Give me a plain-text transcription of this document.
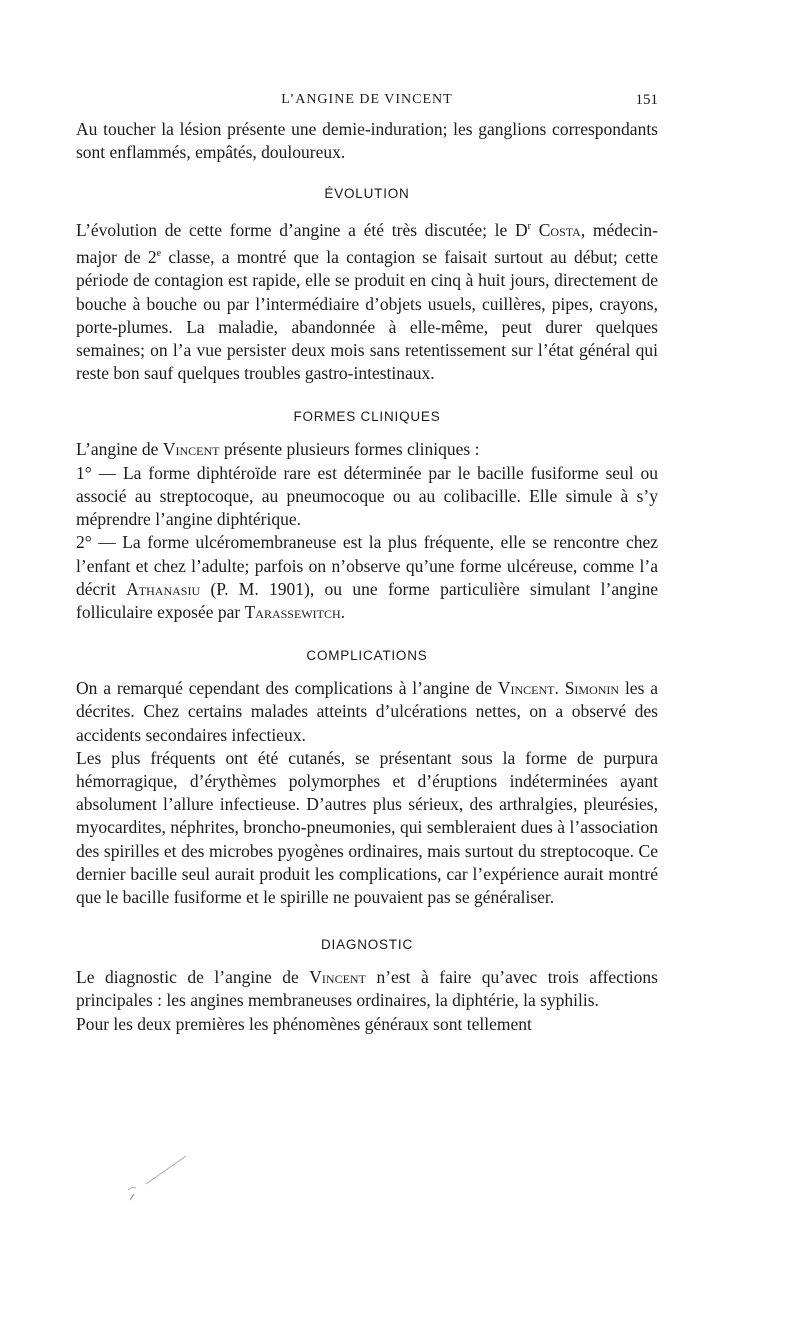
L’ANGINE DE VINCENT	151

Au toucher la lésion présente une demie-induration; les ganglions correspondants sont enflammés, empâtés, douloureux.

ÉVOLUTION

L’évolution de cette forme d’angine a été très discutée; le $D^r$ Costa, médecin-major de 2e classe, a montré que la contagion se faisait surtout au début; cette période de contagion est rapide, elle se produit en cinq à huit jours, directement de bouche à bouche ou par l’intermédiaire d’objets usuels, cuillères, pipes, crayons, porte-plumes. La maladie, abandonnée à elle-même, peut durer quelques semaines; on l’a vue persister deux mois sans retentissement sur l’état général qui reste bon sauf quelques troubles gastro-intestinaux.

FORMES CLINIQUES

L’angine de Vincent présente plusieurs formes cliniques :

1° — La forme diphtéroïde rare est déterminée par le bacille fusiforme seul ou associé au streptocoque, au pneumocoque ou au colibacille. Elle simule à s’y méprendre l’angine diphtérique.

2° — La forme ulcéromembraneuse est la plus fréquente, elle se rencontre chez l’enfant et chez l’adulte; parfois on n’observe qu’une forme ulcéreuse, comme l’a décrit Athanasiu (P. M. 1901), ou une forme particulière simulant l’angine folliculaire exposée par Tarassewitch.

COMPLICATIONS

On a remarqué cependant des complications à l’angine de Vincent. Simonin les a décrites. Chez certains malades atteints d’ulcérations nettes, on a observé des accidents secondaires infectieux.

Les plus fréquents ont été cutanés, se présentant sous la forme de purpura hémorragique, d’érythèmes polymorphes et d’éruptions indéterminées ayant absolument l’allure infectieuse. D’autres plus sérieux, des arthralgies, pleurésies, myocardites, néphrites, broncho-pneumonies, qui sembleraient dues à l’association des spirilles et des microbes pyogènes ordinaires, mais surtout du streptocoque. Ce dernier bacille seul aurait produit les complications, car l’expérience aurait montré que le bacille fusiforme et le spirille ne pouvaient pas se généraliser.

DIAGNOSTIC

Le diagnostic de l’angine de Vincent n’est à faire qu’avec trois affections principales : les angines membraneuses ordinaires, la diphtérie, la syphilis.

Pour les deux premières les phénomènes généraux sont tellement
